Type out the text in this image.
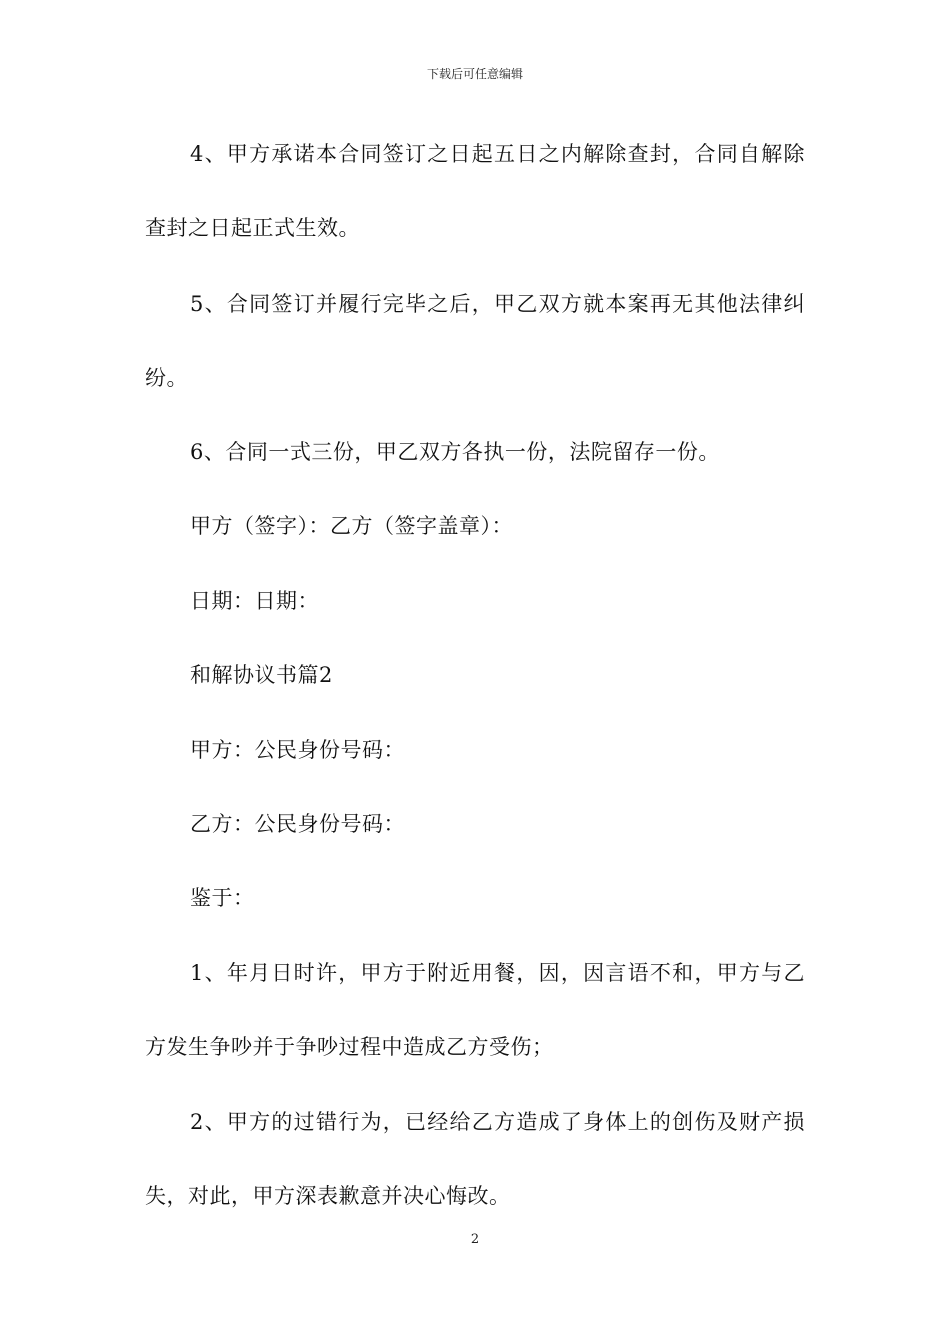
下载后可任意编辑
4、甲方承诺本合同签订之日起五日之内解除查封，合同自解除
查封之日起正式生效。
5、合同签订并履行完毕之后，甲乙双方就本案再无其他法律纠
纷。
6、合同一式三份，甲乙双方各执一份，法院留存一份。
甲方（签字）：乙方（签字盖章）：
日期：日期：
和解协议书篇2
甲方：公民身份号码：
乙方：公民身份号码：
鉴于：
1、年月日时许，甲方于附近用餐，因，因言语不和，甲方与乙
方发生争吵并于争吵过程中造成乙方受伤；
2、甲方的过错行为，已经给乙方造成了身体上的创伤及财产损
失，对此，甲方深表歉意并决心悔改。
2
